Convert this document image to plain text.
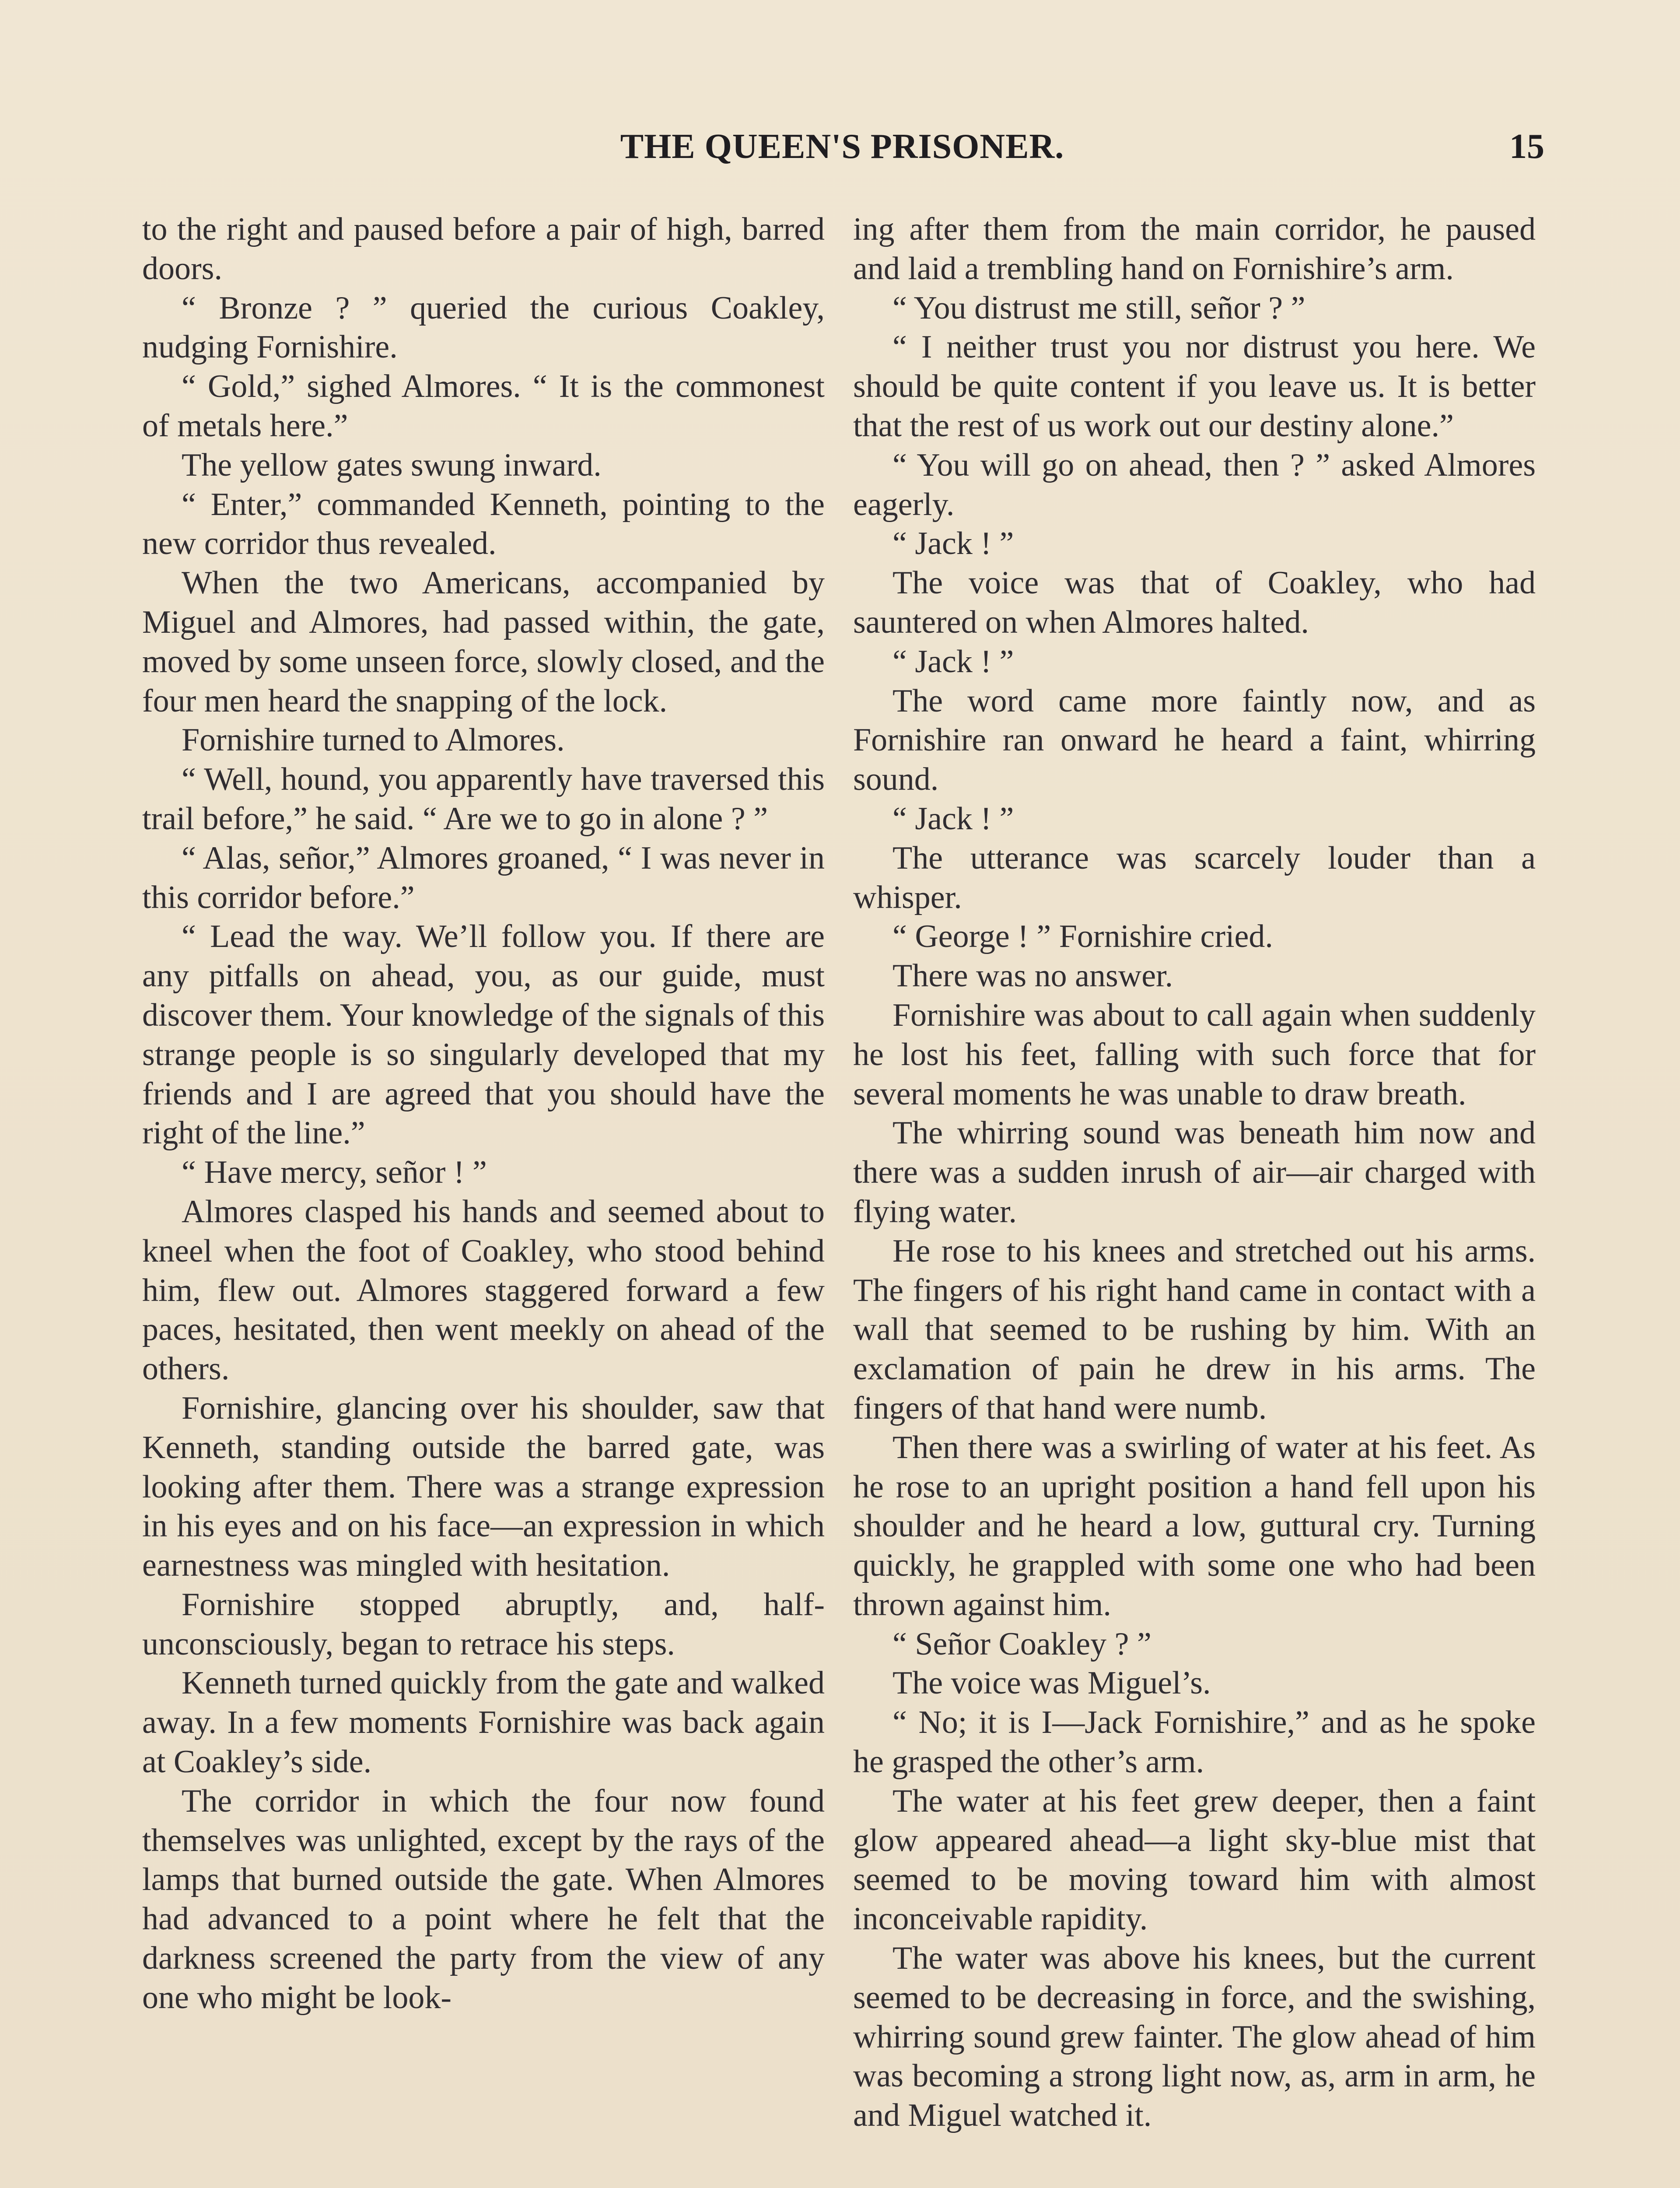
THE QUEEN'S PRISONER.	15

to the right and paused before a pair of high, barred doors.

“ Bronze ? ” queried the curious Coakley, nudging Fornishire.

“ Gold,” sighed Almores. “ It is the commonest of metals here.”

The yellow gates swung inward.

“ Enter,” commanded Kenneth, pointing to the new corridor thus revealed.

When the two Americans, accompanied by Miguel and Almores, had passed within, the gate, moved by some unseen force, slowly closed, and the four men heard the snapping of the lock.

Fornishire turned to Almores.

“ Well, hound, you apparently have traversed this trail before,” he said. “ Are we to go in alone ? ”

“ Alas, señor,” Almores groaned, “ I was never in this corridor before.”

“ Lead the way. We’ll follow you. If there are any pitfalls on ahead, you, as our guide, must discover them. Your knowledge of the signals of this strange people is so singularly developed that my friends and I are agreed that you should have the right of the line.”

“ Have mercy, señor ! ”

Almores clasped his hands and seemed about to kneel when the foot of Coakley, who stood behind him, flew out. Almores staggered forward a few paces, hesitated, then went meekly on ahead of the others.

Fornishire, glancing over his shoulder, saw that Kenneth, standing outside the barred gate, was looking after them. There was a strange expression in his eyes and on his face—an expression in which earnestness was mingled with hesitation.

Fornishire stopped abruptly, and, half-unconsciously, began to retrace his steps.

Kenneth turned quickly from the gate and walked away. In a few moments Fornishire was back again at Coakley’s side.

The corridor in which the four now found themselves was unlighted, except by the rays of the lamps that burned outside the gate. When Almores had advanced to a point where he felt that the darkness screened the party from the view of any one who might be look-

ing after them from the main corridor, he paused and laid a trembling hand on Fornishire’s arm.

“ You distrust me still, señor ? ”

“ I neither trust you nor distrust you here. We should be quite content if you leave us. It is better that the rest of us work out our destiny alone.”

“ You will go on ahead, then ? ” asked Almores eagerly.

“ Jack ! ”

The voice was that of Coakley, who had sauntered on when Almores halted.

“ Jack ! ”

The word came more faintly now, and as Fornishire ran onward he heard a faint, whirring sound.

“ Jack ! ”

The utterance was scarcely louder than a whisper.

“ George ! ” Fornishire cried.

There was no answer.

Fornishire was about to call again when suddenly he lost his feet, falling with such force that for several moments he was unable to draw breath.

The whirring sound was beneath him now and there was a sudden inrush of air—air charged with flying water.

He rose to his knees and stretched out his arms. The fingers of his right hand came in contact with a wall that seemed to be rushing by him. With an exclamation of pain he drew in his arms. The fingers of that hand were numb.

Then there was a swirling of water at his feet. As he rose to an upright position a hand fell upon his shoulder and he heard a low, guttural cry. Turning quickly, he grappled with some one who had been thrown against him.

“ Señor Coakley ? ”

The voice was Miguel’s.

“ No; it is I—Jack Fornishire,” and as he spoke he grasped the other’s arm.

The water at his feet grew deeper, then a faint glow appeared ahead—a light sky-blue mist that seemed to be moving toward him with almost inconceivable rapidity.

The water was above his knees, but the current seemed to be decreasing in force, and the swishing, whirring sound grew fainter. The glow ahead of him was becoming a strong light now, as, arm in arm, he and Miguel watched it.
